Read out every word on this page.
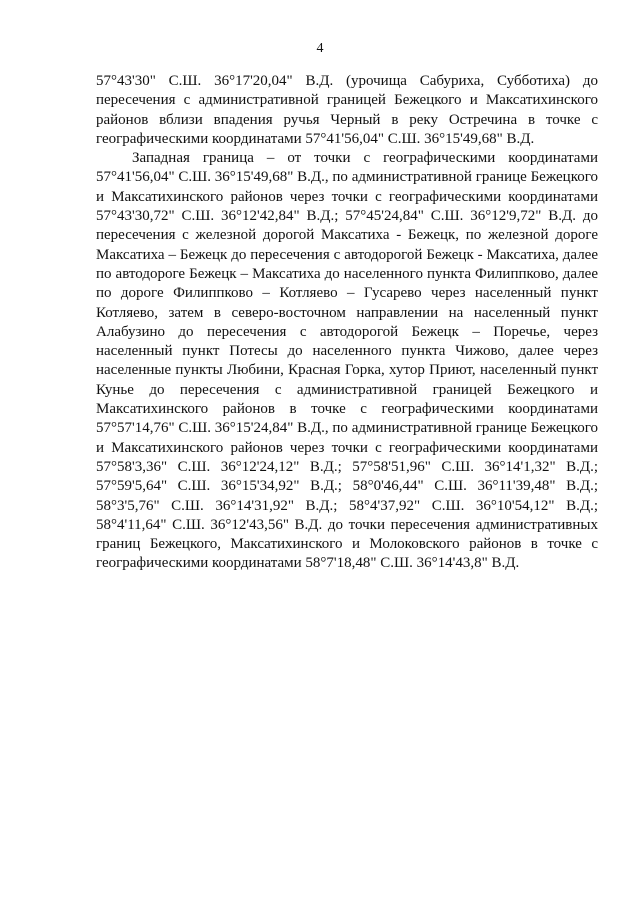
4

57°43'30" С.Ш. 36°17'20,04" В.Д. (урочища Сабуриха, Субботиха) до пересечения с административной границей Бежецкого и Максатихинского районов вблизи впадения ручья Черный в реку Остречина в точке с географическими координатами 57°41'56,04" С.Ш. 36°15'49,68" В.Д.

Западная граница – от точки с географическими координатами 57°41'56,04" С.Ш. 36°15'49,68" В.Д., по административной границе Бежецкого и Максатихинского районов через точки с географическими координатами 57°43'30,72" С.Ш. 36°12'42,84" В.Д.; 57°45'24,84" С.Ш. 36°12'9,72" В.Д. до пересечения с железной дорогой Максатиха - Бежецк, по железной дороге Максатиха – Бежецк до пересечения с автодорогой Бежецк - Максатиха, далее по автодороге Бежецк – Максатиха до населенного пункта Филиппково, далее по дороге Филиппково – Котляево – Гусарево через населенный пункт Котляево, затем в северо-восточном направлении на населенный пункт Алабузино до пересечения с автодорогой Бежецк – Поречье, через населенный пункт Потесы до населенного пункта Чижово, далее через населенные пункты Любини, Красная Горка, хутор Приют, населенный пункт Кунье до пересечения с административной границей Бежецкого и Максатихинского районов в точке с географическими координатами 57°57'14,76" С.Ш. 36°15'24,84" В.Д., по административной границе Бежецкого и Максатихинского районов через точки с географическими координатами 57°58'3,36" С.Ш. 36°12'24,12" В.Д.; 57°58'51,96" С.Ш. 36°14'1,32" В.Д.; 57°59'5,64" С.Ш. 36°15'34,92" В.Д.; 58°0'46,44" С.Ш. 36°11'39,48" В.Д.; 58°3'5,76" С.Ш. 36°14'31,92" В.Д.; 58°4'37,92" С.Ш. 36°10'54,12" В.Д.; 58°4'11,64" С.Ш. 36°12'43,56" В.Д. до точки пересечения административных границ Бежецкого, Максатихинского и Молоковского районов в точке с географическими координатами 58°7'18,48" С.Ш. 36°14'43,8" В.Д.
